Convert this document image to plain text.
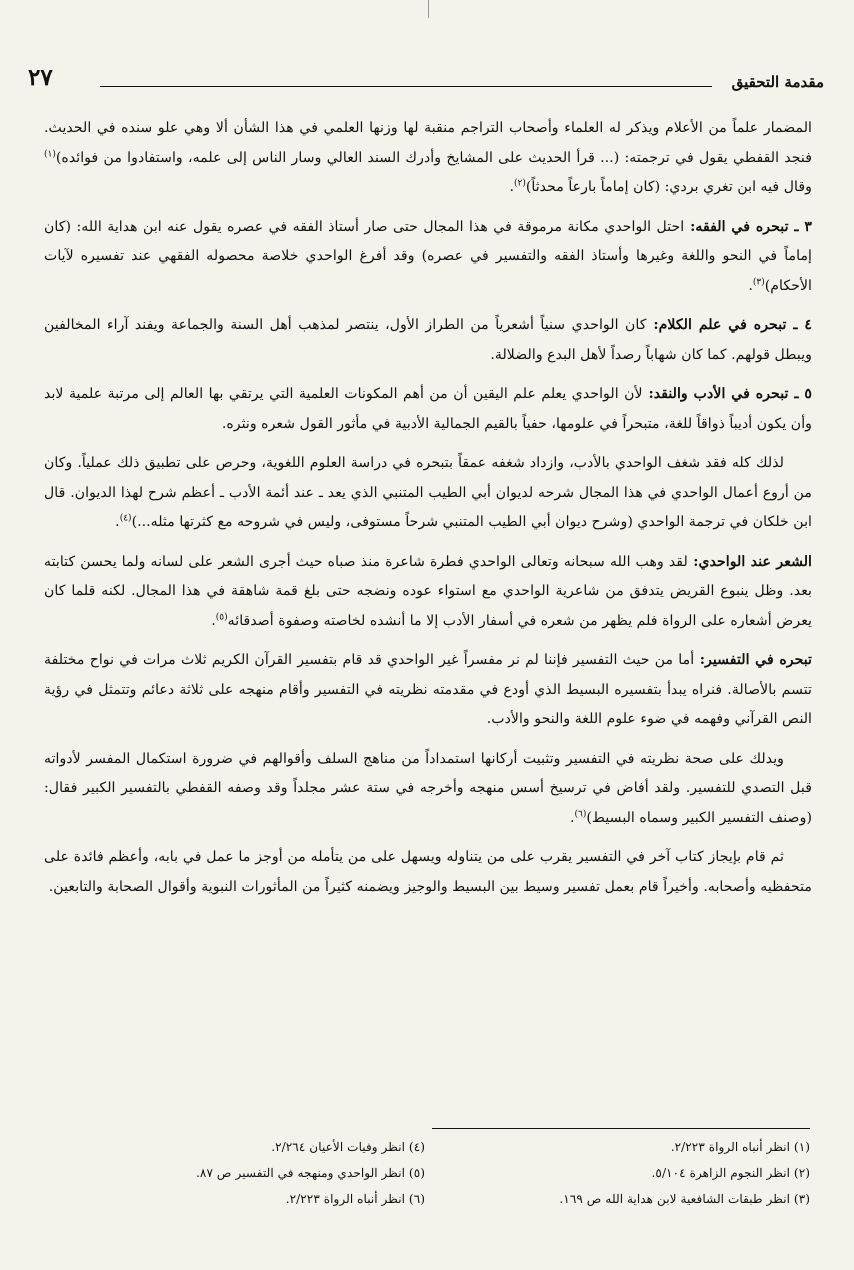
مقدمة التحقيق
٢٧

المضمار علماً من الأعلام ويذكر له العلماء وأصحاب التراجم منقبة لها وزنها العلمي في هذا الشأن ألا وهي علو سنده في الحديث. فنجد القفطي يقول في ترجمته: (... قرأ الحديث على المشايخ وأدرك السند العالي وسار الناس إلى علمه، واستفادوا من فوائده)$^{(١)}$ وقال فيه ابن تغري بردي: (كان إماماً بارعاً محدثاً)$^{(٢)}$.

٣ ـ تبحره في الفقه: احتل الواحدي مكانة مرموقة في هذا المجال حتى صار أستاذ الفقه في عصره يقول عنه ابن هداية الله: (كان إماماً في النحو واللغة وغيرها وأستاذ الفقه والتفسير في عصره) وقد أفرغ الواحدي خلاصة محصوله الفقهي عند تفسيره لآيات الأحكام)$^{(٣)}$.

٤ ـ تبحره في علم الكلام: كان الواحدي سنياً أشعرياً من الطراز الأول، ينتصر لمذهب أهل السنة والجماعة ويفند آراء المخالفين ويبطل قولهم. كما كان شهاباً رصداً لأهل البدع والضلالة.

٥ ـ تبحره في الأدب والنقد: لأن الواحدي يعلم علم اليقين أن من أهم المكونات العلمية التي يرتقي بها العالم إلى مرتبة علمية لابد وأن يكون أديباً ذواقاً للغة، متبحراً في علومها، حفياً بالقيم الجمالية الأدبية في مأثور القول شعره ونثره.

لذلك كله فقد شغف الواحدي بالأدب، وازداد شغفه عمقاً بتبحره في دراسة العلوم اللغوية، وحرص على تطبيق ذلك عملياً. وكان من أروع أعمال الواحدي في هذا المجال شرحه لديوان أبي الطيب المتنبي الذي يعد ـ عند أئمة الأدب ـ أعظم شرح لهذا الديوان. قال ابن خلكان في ترجمة الواحدي (وشرح ديوان أبي الطيب المتنبي شرحاً مستوفى، وليس في شروحه مع كثرتها مثله...)$^{(٤)}$.

الشعر عند الواحدي: لقد وهب الله سبحانه وتعالى الواحدي فطرة شاعرة منذ صباه حيث أجرى الشعر على لسانه ولما يحسن كتابته بعد. وظل ينبوع القريض يتدفق من شاعرية الواحدي مع استواء عوده ونضجه حتى بلغ قمة شاهقة في هذا المجال. لكنه قلما كان يعرض أشعاره على الرواة فلم يظهر من شعره في أسفار الأدب إلا ما أنشده لخاصته وصفوة أصدقائه$^{(٥)}$.

تبحره في التفسير: أما من حيث التفسير فإننا لم نر مفسراً غير الواحدي قد قام بتفسير القرآن الكريم ثلاث مرات في نواح مختلفة تتسم بالأصالة. فنراه يبدأ بتفسيره البسيط الذي أودع في مقدمته نظريته في التفسير وأقام منهجه على ثلاثة دعائم وتتمثل في رؤية النص القرآني وفهمه في ضوء علوم اللغة والنحو والأدب.

ويدلك على صحة نظريته في التفسير وتثبيت أركانها استمداداً من مناهج السلف وأقوالهم في ضرورة استكمال المفسر لأدواته قبل التصدي للتفسير. ولقد أفاض في ترسيخ أسس منهجه وأخرجه في ستة عشر مجلداً وقد وصفه القفطي بالتفسير الكبير فقال: (وصنف التفسير الكبير وسماه البسيط)$^{(٦)}$.

ثم قام بإيجاز كتاب آخر في التفسير يقرب على من يتناوله ويسهل على من يتأمله من أوجز ما عمل في بابه، وأعظم فائدة على متحفظيه وأصحابه. وأخيراً قام بعمل تفسير وسيط بين البسيط والوجيز ويضمنه كثيراً من المأثورات النبوية وأقوال الصحابة والتابعين.

(١) انظر أنباه الرواة ٢/٢٢٣.
(٢) انظر النجوم الزاهرة ٥/١٠٤.
(٣) انظر طبقات الشافعية لابن هداية الله ص ١٦٩.
(٤) انظر وفيات الأعيان ٢/٢٦٤.
(٥) انظر الواحدي ومنهجه في التفسير ص ٨٧.
(٦) انظر أنباه الرواة ٢/٢٢٣.
